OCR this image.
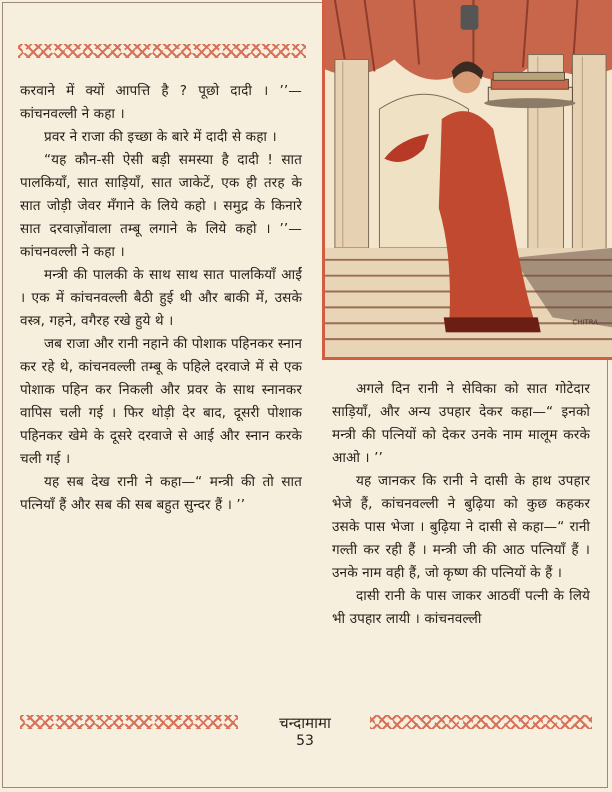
CHITRA

करवाने में क्यों आपत्ति है ? पूछो दादी । ’’— कांचनवल्ली ने कहा ।

प्रवर ने राजा की इच्छा के बारे में दादी से कहा ।

“यह कौन-सी ऐसी बड़ी समस्या है दादी ! सात पालकियाँ, सात साड़ियाँ, सात जाकेटें, एक ही तरह के सात जोड़ी जेवर मँगाने के लिये कहो । समुद्र के किनारे सात दरवाज़ोंवाला तम्बू लगाने के लिये कहो । ’’—कांचनवल्ली ने कहा ।

मन्त्री की पालकी के साथ साथ सात पालकियाँ आईं । एक में कांचनवल्ली बैठी हुई थी और बाकी में, उसके वस्त्र, गहने, वगैरह रखे हुये थे ।

जब राजा और रानी नहाने की पोशाक पहिनकर स्नान कर रहे थे, कांचनवल्ली तम्बू के पहिले दरवाजे में से एक पोशाक पहिन कर निकली और प्रवर के साथ स्नानकर वापिस चली गई । फिर थोड़ी देर बाद, दूसरी पोशाक पहिनकर खेमे के दूसरे दरवाजे से आई और स्नान करके चली गई ।

यह सब देख रानी ने कहा—“ मन्त्री की तो सात पत्नियाँ हैं और सब की सब बहुत सुन्दर हैं । ’’

अगले दिन रानी ने सेविका को सात गोटेदार साड़ियाँ, और अन्य उपहार देकर कहा—“ इनको मन्त्री की पत्नियों को देकर उनके नाम मालूम करके आओ । ’’

यह जानकर कि रानी ने दासी के हाथ उपहार भेजे हैं, कांचनवल्ली ने बुढ़िया को कुछ कहकर उसके पास भेजा । बुढ़िया ने दासी से कहा—“ रानी गल्ती कर रही हैं । मन्त्री जी की आठ पत्नियाँ हैं । उनके नाम वही हैं, जो कृष्ण की पत्नियों के हैं ।

दासी रानी के पास जाकर आठवीं पत्नी के लिये भी उपहार लायी । कांचनवल्ली

चन्दामामा
53
